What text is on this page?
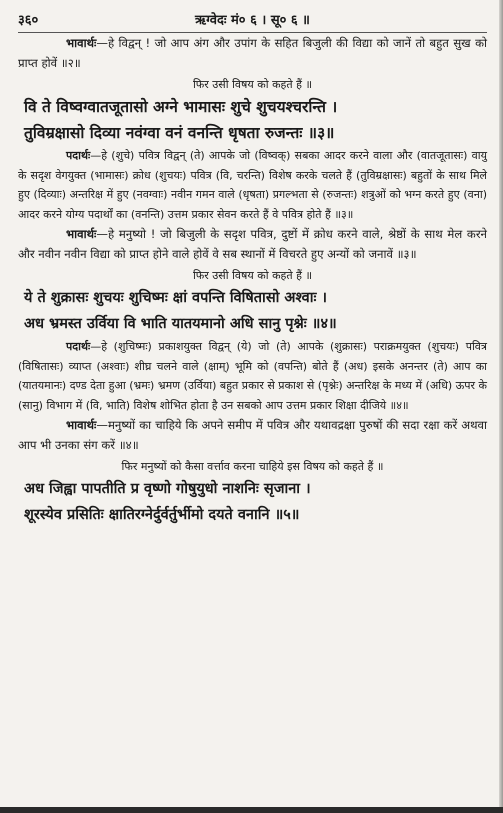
३६०	ऋग्वेदः मं० ६ । सू० ६ ॥

भावार्थः—हे विद्वन् ! जो आप अंग और उपांग के सहित बिजुली की विद्या को जानें तो बहुत सुख को प्राप्त होवें ॥२॥

फिर उसी विषय को कहते हैं ॥

वि ते विष्वग्वातजूतासो अग्ने भामासः शुचे शुचयश्चरन्ति ।

तुविम्रक्षासो दिव्या नवंग्वा वनं वनन्ति धृषता रुजन्तः ॥३॥

पदार्थः—हे (शुचे) पवित्र विद्वन् (ते) आपके जो (विष्वक्) सबका आदर करने वाला और (वातजूतासः) वायु के सदृश वेगयुक्त (भामासः) क्रोध (शुचयः) पवित्र (वि, चरन्ति) विशेष करके चलते हैं (तुविम्रक्षासः) बहुतों के साथ मिले हुए (दिव्याः) अन्तरिक्ष में हुए (नवग्वाः) नवीन गमन वाले (धृषता) प्रगल्भता से (रुजन्तः) शत्रुओं को भग्न करते हुए (वना) आदर करने योग्य पदार्थों का (वनन्ति) उत्तम प्रकार सेवन करते हैं वे पवित्र होते हैं ॥३॥

भावार्थः—हे मनुष्यो ! जो बिजुली के सदृश पवित्र, दुष्टों में क्रोध करने वाले, श्रेष्ठों के साथ मेल करने और नवीन नवीन विद्या को प्राप्त होने वाले होवें वे सब स्थानों में विचरते हुए अन्यों को जनावें ॥३॥

फिर उसी विषय को कहते हैं ॥

ये ते शुक्रासः शुचयः शुचिष्मः क्षां वपन्ति विषितासो अश्वाः ।

अध भ्रमस्त उर्विया वि भाति यातयमानो अधि सानु पृश्नेः ॥४॥

पदार्थः—हे (शुचिष्मः) प्रकाशयुक्त विद्वन् (ये) जो (ते) आपके (शुक्रासः) पराक्रमयुक्त (शुचयः) पवित्र (विषितासः) व्याप्त (अश्वाः) शीघ्र चलने वाले (क्षाम्) भूमि को (वपन्ति) बोते हैं (अध) इसके अनन्तर (ते) आप का (यातयमानः) दण्ड देता हुआ (भ्रमः) भ्रमण (उर्विया) बहुत प्रकार से प्रकाश से (पृश्नेः) अन्तरिक्ष के मध्य में (अधि) ऊपर के (सानु) विभाग में (वि, भाति) विशेष शोभित होता है उन सबको आप उत्तम प्रकार शिक्षा दीजिये ॥४॥

भावार्थः—मनुष्यों का चाहिये कि अपने समीप में पवित्र और यथावद्रक्षा पुरुषों की सदा रक्षा करें अथवा आप भी उनका संग करें ॥४॥

फिर मनुष्यों को कैसा वर्त्ताव करना चाहिये इस विषय को कहते हैं ॥

अध जिह्वा पापतीति प्र वृष्णो गोषुयुधो नाशनिः सृजाना ।

शूरस्येव प्रसितिः क्षातिरग्नेर्दुर्वर्तुर्भीमो दयते वनानि ॥५॥
